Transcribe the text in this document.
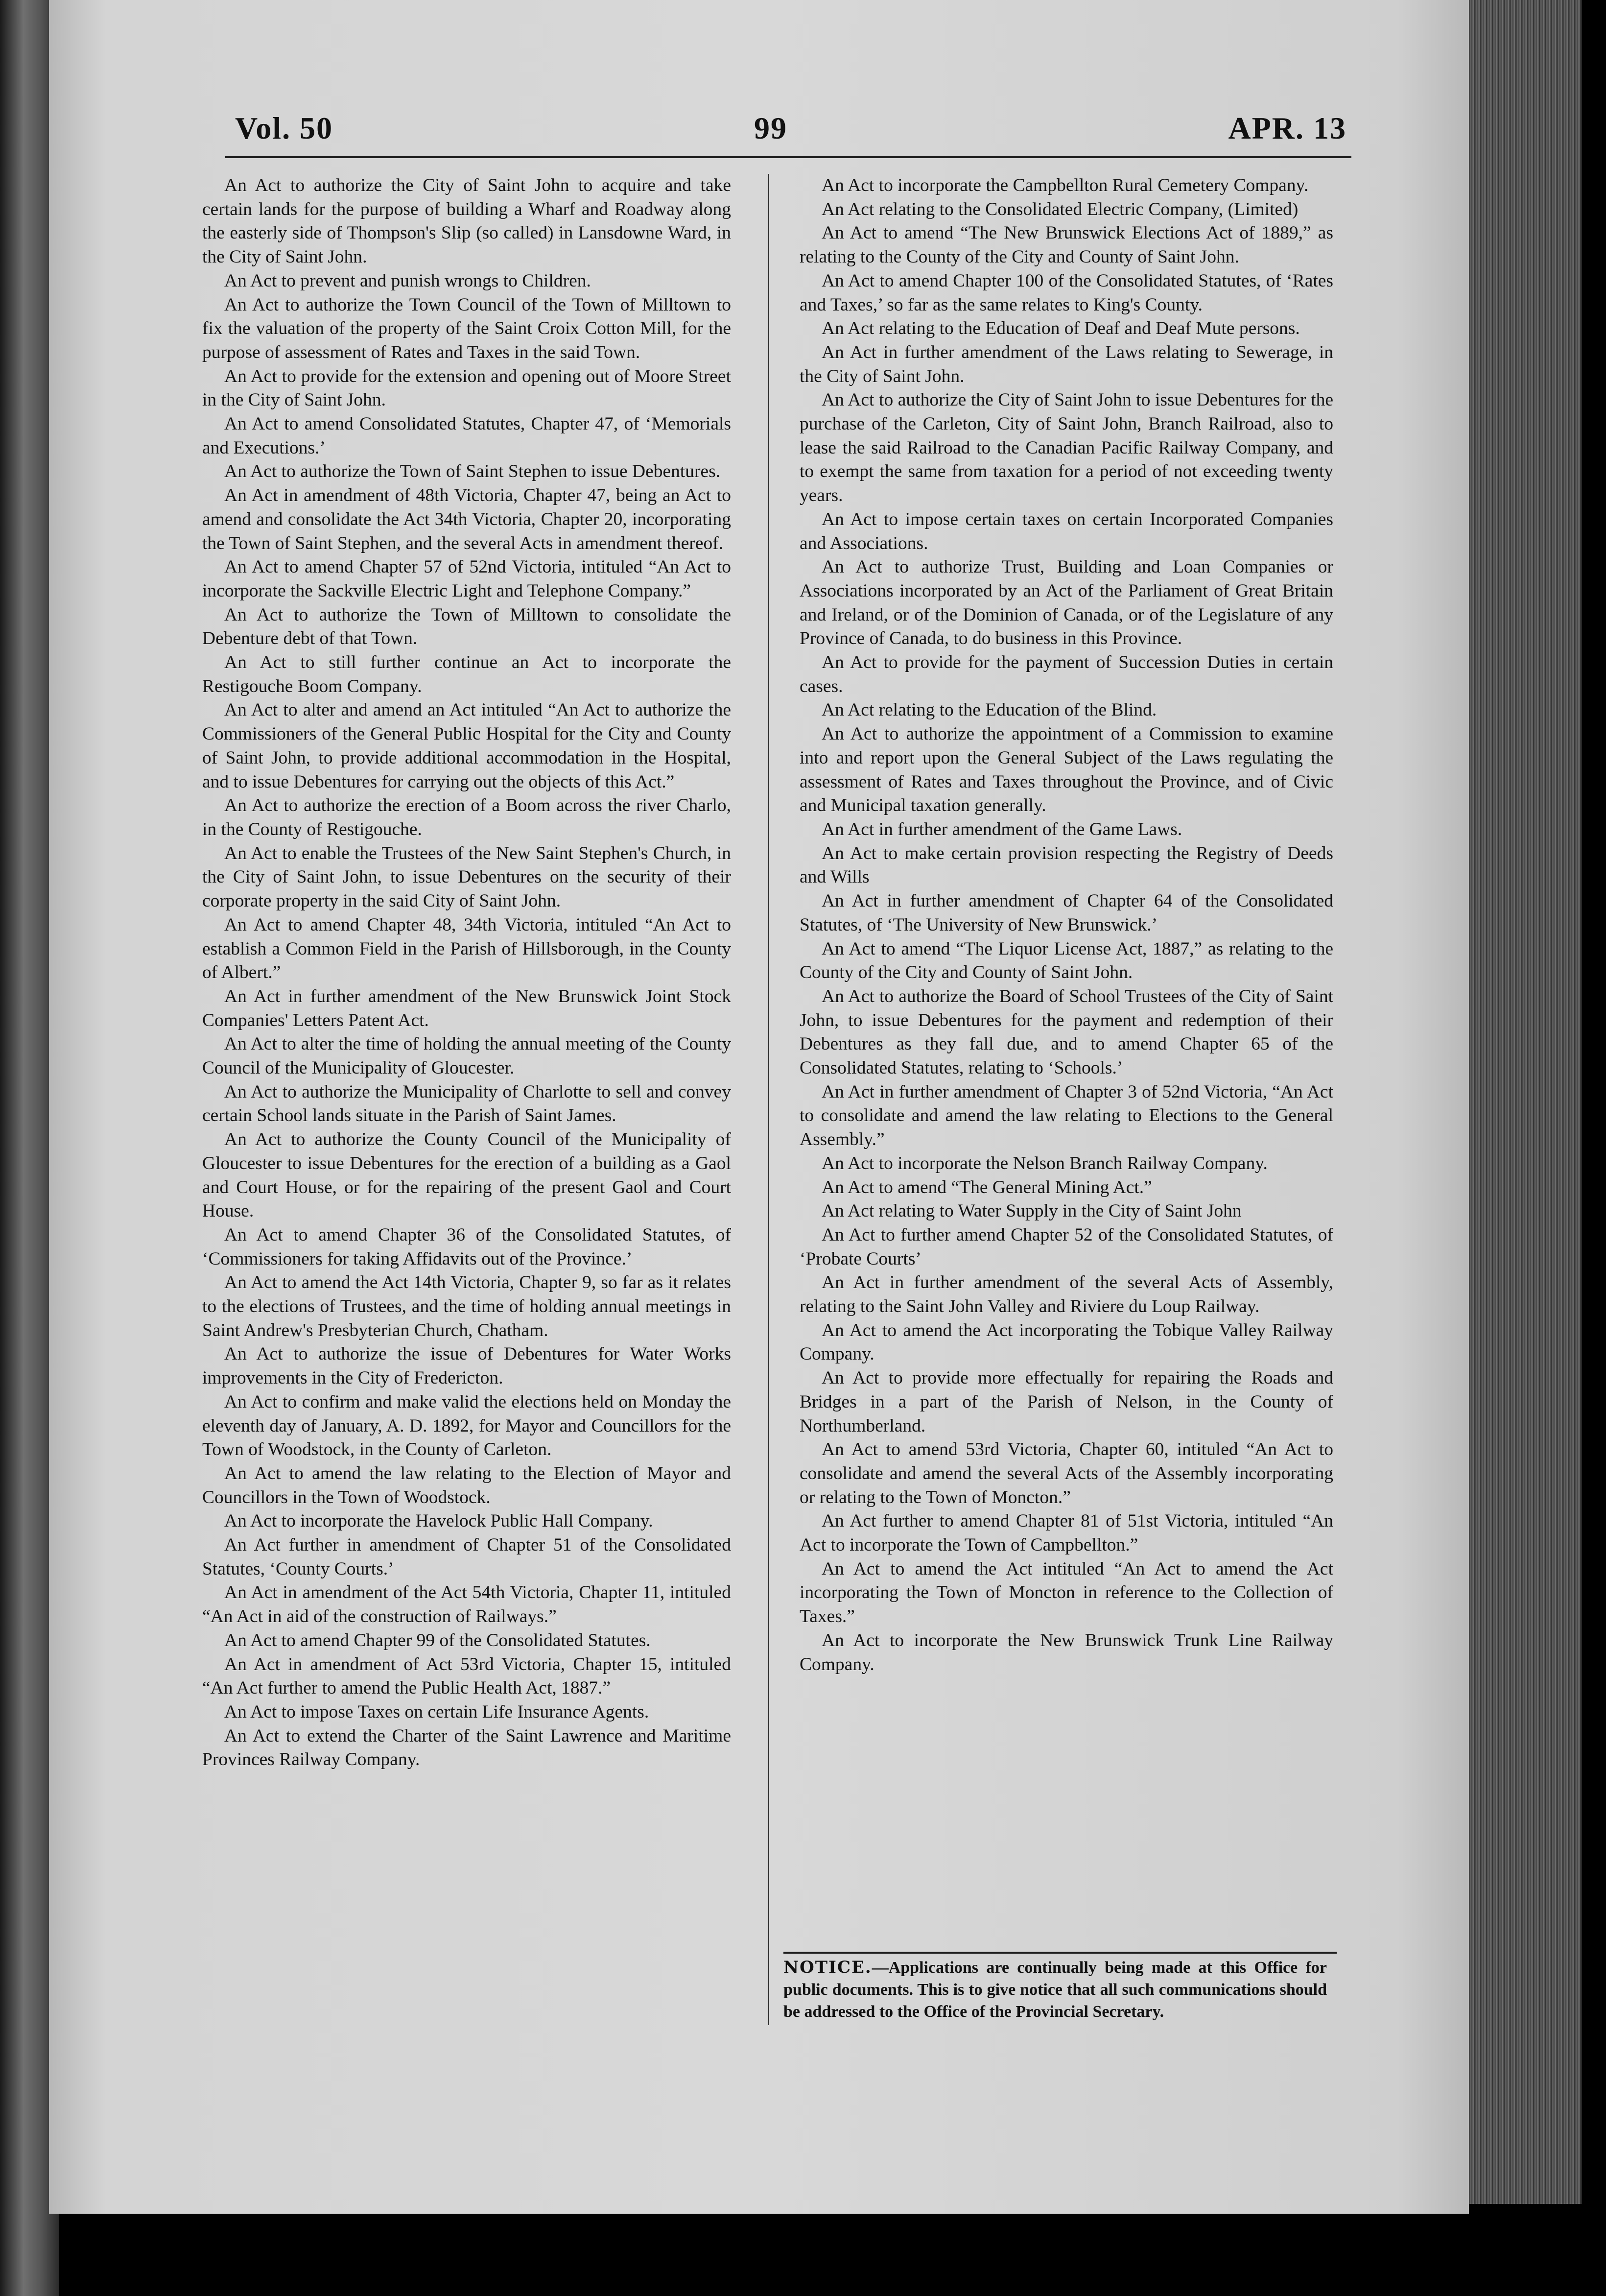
Vol. 50	99	APR. 13

An Act to authorize the City of Saint John to acquire and take certain lands for the purpose of building a Wharf and Roadway along the easterly side of Thompson's Slip (so called) in Lansdowne Ward, in the City of Saint John.

An Act to prevent and punish wrongs to Children.

An Act to authorize the Town Council of the Town of Milltown to fix the valuation of the property of the Saint Croix Cotton Mill, for the purpose of assessment of Rates and Taxes in the said Town.

An Act to provide for the extension and opening out of Moore Street in the City of Saint John.

An Act to amend Consolidated Statutes, Chapter 47, of ‘Memorials and Executions.’

An Act to authorize the Town of Saint Stephen to issue Debentures.

An Act in amendment of 48th Victoria, Chapter 47, being an Act to amend and consolidate the Act 34th Victoria, Chapter 20, incorporating the Town of Saint Stephen, and the several Acts in amendment thereof.

An Act to amend Chapter 57 of 52nd Victoria, intituled “An Act to incorporate the Sackville Electric Light and Telephone Company.”

An Act to authorize the Town of Milltown to consolidate the Debenture debt of that Town.

An Act to still further continue an Act to incorporate the Restigouche Boom Company.

An Act to alter and amend an Act intituled “An Act to authorize the Commissioners of the General Public Hospital for the City and County of Saint John, to provide additional accommodation in the Hospital, and to issue Debentures for carrying out the objects of this Act.”

An Act to authorize the erection of a Boom across the river Charlo, in the County of Restigouche.

An Act to enable the Trustees of the New Saint Stephen's Church, in the City of Saint John, to issue Debentures on the security of their corporate property in the said City of Saint John.

An Act to amend Chapter 48, 34th Victoria, intituled “An Act to establish a Common Field in the Parish of Hillsborough, in the County of Albert.”

An Act in further amendment of the New Brunswick Joint Stock Companies' Letters Patent Act.

An Act to alter the time of holding the annual meeting of the County Council of the Municipality of Gloucester.

An Act to authorize the Municipality of Charlotte to sell and convey certain School lands situate in the Parish of Saint James.

An Act to authorize the County Council of the Municipality of Gloucester to issue Debentures for the erection of a building as a Gaol and Court House, or for the repairing of the present Gaol and Court House.

An Act to amend Chapter 36 of the Consolidated Statutes, of ‘Commissioners for taking Affidavits out of the Province.’

An Act to amend the Act 14th Victoria, Chapter 9, so far as it relates to the elections of Trustees, and the time of holding annual meetings in Saint Andrew's Presbyterian Church, Chatham.

An Act to authorize the issue of Debentures for Water Works improvements in the City of Fredericton.

An Act to confirm and make valid the elections held on Monday the eleventh day of January, A. D. 1892, for Mayor and Councillors for the Town of Woodstock, in the County of Carleton.

An Act to amend the law relating to the Election of Mayor and Councillors in the Town of Woodstock.

An Act to incorporate the Havelock Public Hall Company.

An Act further in amendment of Chapter 51 of the Consolidated Statutes, ‘County Courts.’

An Act in amendment of the Act 54th Victoria, Chapter 11, intituled “An Act in aid of the construction of Railways.”

An Act to amend Chapter 99 of the Consolidated Statutes.

An Act in amendment of Act 53rd Victoria, Chapter 15, intituled “An Act further to amend the Public Health Act, 1887.”

An Act to impose Taxes on certain Life Insurance Agents.

An Act to extend the Charter of the Saint Lawrence and Maritime Provinces Railway Company.

An Act to incorporate the Campbellton Rural Cemetery Company.

An Act relating to the Consolidated Electric Company, (Limited)

An Act to amend “The New Brunswick Elections Act of 1889,” as relating to the County of the City and County of Saint John.

An Act to amend Chapter 100 of the Consolidated Statutes, of ‘Rates and Taxes,’ so far as the same relates to King's County.

An Act relating to the Education of Deaf and Deaf Mute persons.

An Act in further amendment of the Laws relating to Sewerage, in the City of Saint John.

An Act to authorize the City of Saint John to issue Debentures for the purchase of the Carleton, City of Saint John, Branch Railroad, also to lease the said Railroad to the Canadian Pacific Railway Company, and to exempt the same from taxation for a period of not exceeding twenty years.

An Act to impose certain taxes on certain Incorporated Companies and Associations.

An Act to authorize Trust, Building and Loan Companies or Associations incorporated by an Act of the Parliament of Great Britain and Ireland, or of the Dominion of Canada, or of the Legislature of any Province of Canada, to do business in this Province.

An Act to provide for the payment of Succession Duties in certain cases.

An Act relating to the Education of the Blind.

An Act to authorize the appointment of a Commission to examine into and report upon the General Subject of the Laws regulating the assessment of Rates and Taxes throughout the Province, and of Civic and Municipal taxation generally.

An Act in further amendment of the Game Laws.

An Act to make certain provision respecting the Registry of Deeds and Wills

An Act in further amendment of Chapter 64 of the Consolidated Statutes, of ‘The University of New Brunswick.’

An Act to amend “The Liquor License Act, 1887,” as relating to the County of the City and County of Saint John.

An Act to authorize the Board of School Trustees of the City of Saint John, to issue Debentures for the payment and redemption of their Debentures as they fall due, and to amend Chapter 65 of the Consolidated Statutes, relating to ‘Schools.’

An Act in further amendment of Chapter 3 of 52nd Victoria, “An Act to consolidate and amend the law relating to Elections to the General Assembly.”

An Act to incorporate the Nelson Branch Railway Company.

An Act to amend “The General Mining Act.”

An Act relating to Water Supply in the City of Saint John

An Act to further amend Chapter 52 of the Consolidated Statutes, of ‘Probate Courts’

An Act in further amendment of the several Acts of Assembly, relating to the Saint John Valley and Riviere du Loup Railway.

An Act to amend the Act incorporating the Tobique Valley Railway Company.

An Act to provide more effectually for repairing the Roads and Bridges in a part of the Parish of Nelson, in the County of Northumberland.

An Act to amend 53rd Victoria, Chapter 60, intituled “An Act to consolidate and amend the several Acts of the Assembly incorporating or relating to the Town of Moncton.”

An Act further to amend Chapter 81 of 51st Victoria, intituled “An Act to incorporate the Town of Campbellton.”

An Act to amend the Act intituled “An Act to amend the Act incorporating the Town of Moncton in reference to the Collection of Taxes.”

An Act to incorporate the New Brunswick Trunk Line Railway Company.

NOTICE.—Applications are continually being made at this Office for public documents. This is to give notice that all such communications should be addressed to the Office of the Provincial Secretary.
